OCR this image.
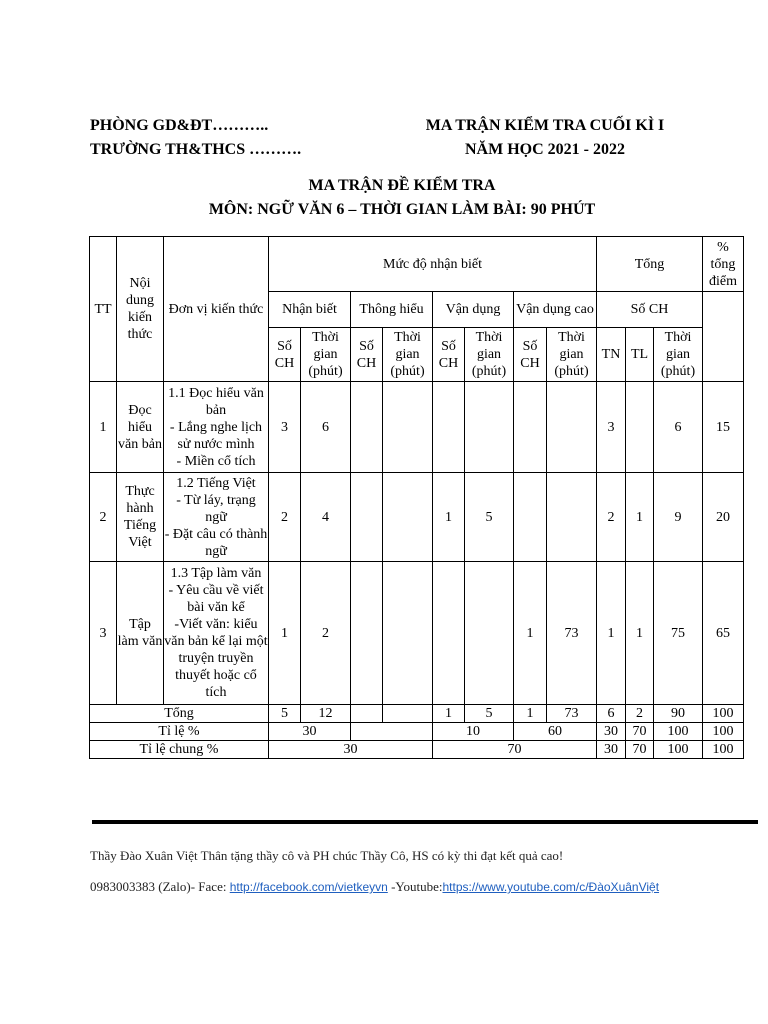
PHÒNG GD&ĐT………..
TRƯỜNG TH&THCS ……….
MA TRẬN KIỂM TRA CUỐI KÌ I
NĂM HỌC 2021 - 2022
MA TRẬN ĐỀ KIỂM TRA
MÔN: NGỮ VĂN 6 – THỜI GIAN LÀM BÀI: 90 PHÚT
TT	Nội dung kiến thức	Đơn vị kiến thức	Mức độ nhận biết								Tổng			% tổng điểm
			Nhận biết		Thông hiểu		Vận dụng		Vận dụng cao		Số CH			
			Số CH	Thời gian (phút)	Số CH	Thời gian (phút)	Số CH	Thời gian (phút)	Số CH	Thời gian (phút)	TN	TL	Thời gian (phút)	
1	Đọc hiểu văn bản	1.1 Đọc hiểu văn bản
- Lắng nghe lịch sử nước mình
- Miền cổ tích	3	6							3		6	15
2	Thực hành Tiếng Việt	1.2 Tiếng Việt
- Từ láy, trạng ngữ
- Đặt câu có thành ngữ	2	4			1	5			2	1	9	20
3	Tập làm văn	1.3 Tập làm văn
- Yêu cầu về viết bài văn kể
-Viết văn: kiểu văn bản kể lại một truyện truyền thuyết hoặc cổ tích	1	2					1	73	1	1	75	65
Tổng			5	12			1	5	1	73	6	2	90	100
Tỉ lệ %			30				10		60		30	70	100	100
Tỉ lệ chung %			30				70				30	70	100	100
Thầy Đào Xuân Việt Thân tặng thầy cô và PH chúc Thầy Cô, HS có kỳ thi đạt kết quả cao!
0983003383 (Zalo)- Face: http://facebook.com/vietkeyvn -Youtube:https://www.youtube.com/c/ĐàoXuânViệt
